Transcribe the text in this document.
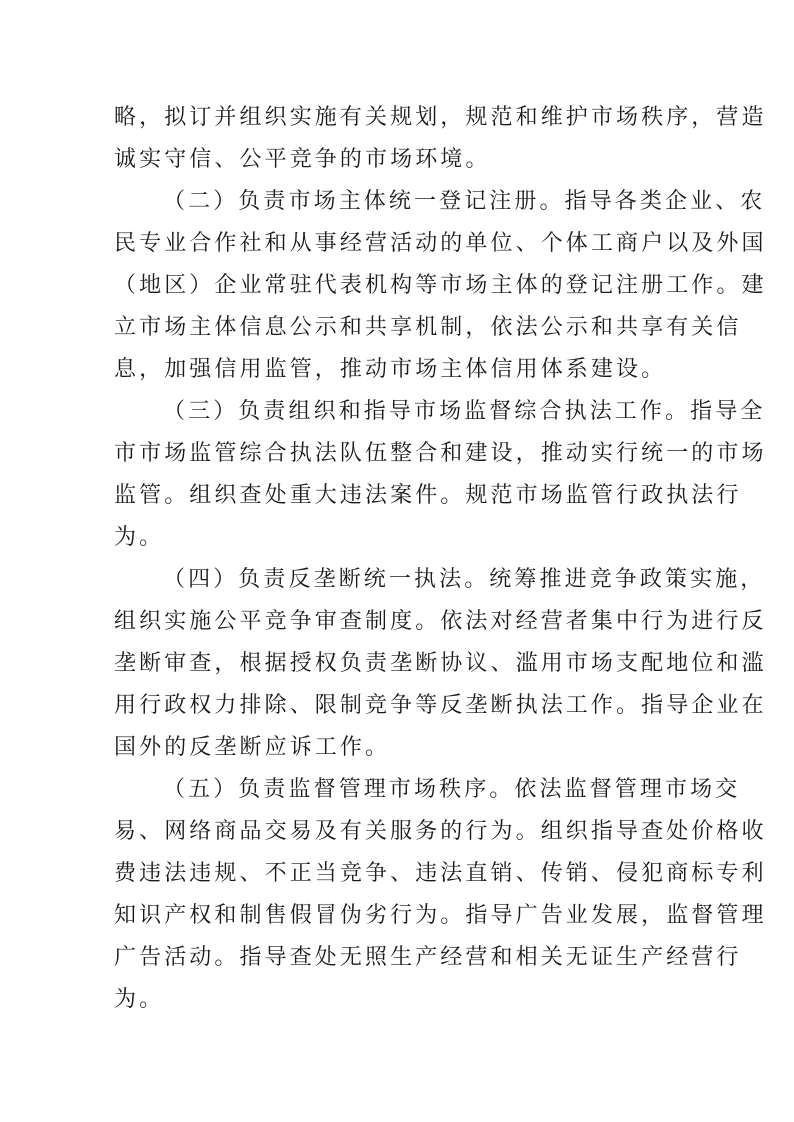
略，拟订并组织实施有关规划，规范和维护市场秩序，营造
诚实守信、公平竞争的市场环境。
（二）负责市场主体统一登记注册。指导各类企业、农
民专业合作社和从事经营活动的单位、个体工商户以及外国
（地区）企业常驻代表机构等市场主体的登记注册工作。建
立市场主体信息公示和共享机制，依法公示和共享有关信
息，加强信用监管，推动市场主体信用体系建设。
（三）负责组织和指导市场监督综合执法工作。指导全
市市场监管综合执法队伍整合和建设，推动实行统一的市场
监管。组织查处重大违法案件。规范市场监管行政执法行
为。
（四）负责反垄断统一执法。统筹推进竞争政策实施，
组织实施公平竞争审查制度。依法对经营者集中行为进行反
垄断审查，根据授权负责垄断协议、滥用市场支配地位和滥
用行政权力排除、限制竞争等反垄断执法工作。指导企业在
国外的反垄断应诉工作。
（五）负责监督管理市场秩序。依法监督管理市场交
易、网络商品交易及有关服务的行为。组织指导查处价格收
费违法违规、不正当竞争、违法直销、传销、侵犯商标专利
知识产权和制售假冒伪劣行为。指导广告业发展，监督管理
广告活动。指导查处无照生产经营和相关无证生产经营行
为。
